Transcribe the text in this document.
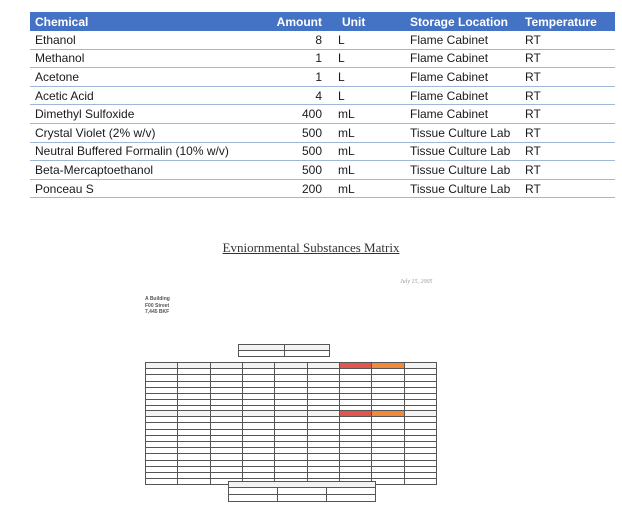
Chemical	Amount	Unit	Storage Location	Temperature
Ethanol	8	L	Flame Cabinet	RT
Methanol	1	L	Flame Cabinet	RT
Acetone	1	L	Flame Cabinet	RT
Acetic Acid	4	L	Flame Cabinet	RT
Dimethyl Sulfoxide	400	mL	Flame Cabinet	RT
Crystal Violet (2% w/v)	500	mL	Tissue Culture Lab	RT
Neutral Buffered Formalin (10% w/v)	500	mL	Tissue Culture Lab	RT
Beta-Mercaptoethanol	500	mL	Tissue Culture Lab	RT
Ponceau S	200	mL	Tissue Culture Lab	RT
Evniornmental Substances Matrix
July 15, 2005
A Building
F00 Street
7,445 BKF
